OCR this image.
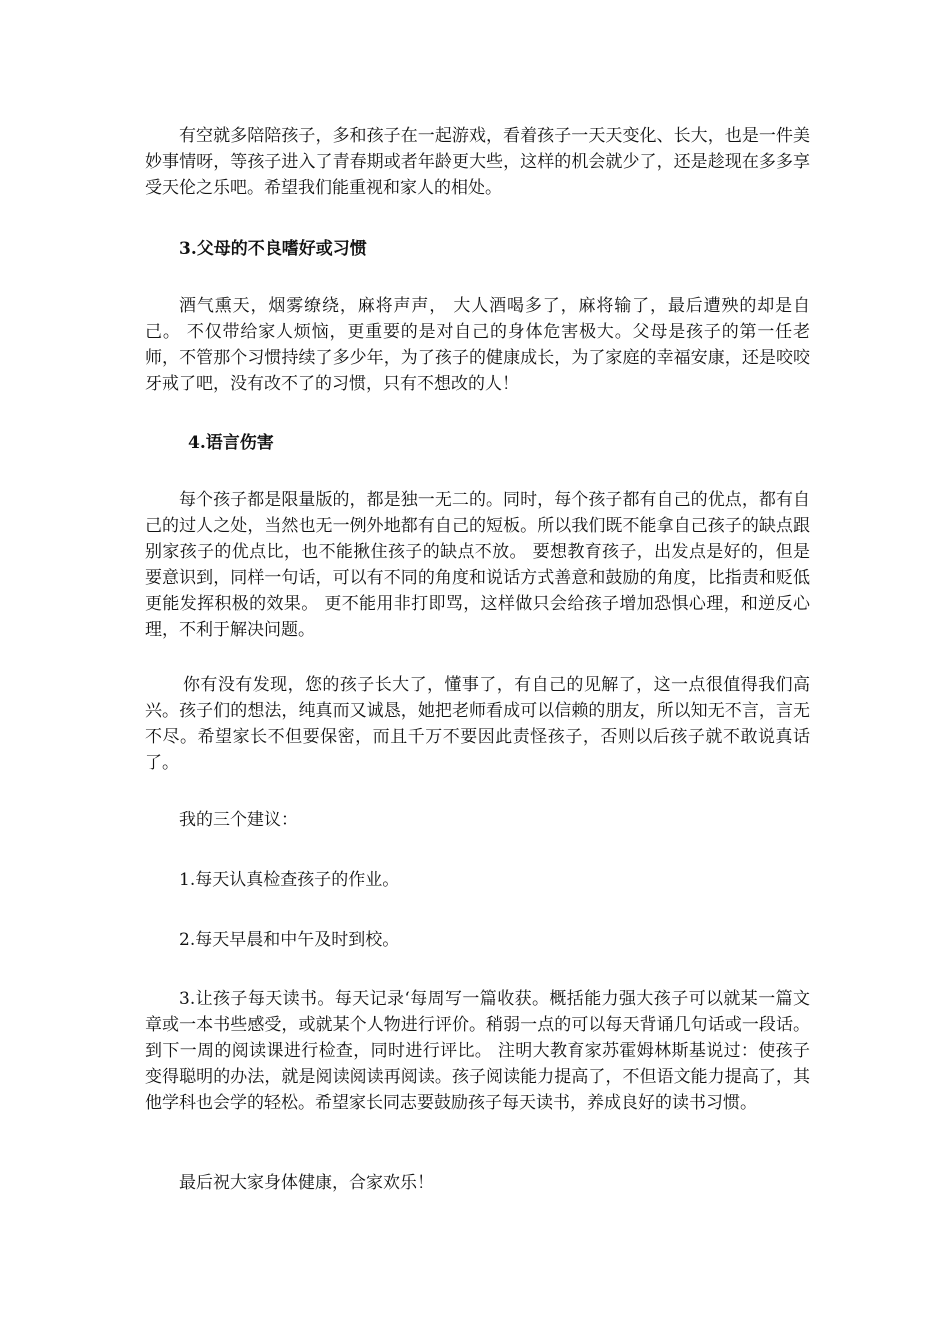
有空就多陪陪孩子，多和孩子在一起游戏，看着孩子一天天变化、长大，也是一件美妙事情呀，等孩子进入了青春期或者年龄更大些，这样的机会就少了，还是趁现在多多享受天伦之乐吧。希望我们能重视和家人的相处。

3.父母的不良嗜好或习惯

酒气熏天，烟雾缭绕，麻将声声， 大人酒喝多了，麻将输了，最后遭殃的却是自己。 不仅带给家人烦恼，更重要的是对自己的身体危害极大。父母是孩子的第一任老师，不管那个习惯持续了多少年，为了孩子的健康成长，为了家庭的幸福安康，还是咬咬牙戒了吧，没有改不了的习惯，只有不想改的人！

4.语言伤害

每个孩子都是限量版的，都是独一无二的。同时，每个孩子都有自己的优点，都有自己的过人之处，当然也无一例外地都有自己的短板。所以我们既不能拿自己孩子的缺点跟别家孩子的优点比，也不能揪住孩子的缺点不放。 要想教育孩子，出发点是好的，但是要意识到，同样一句话，可以有不同的角度和说话方式善意和鼓励的角度，比指责和贬低更能发挥积极的效果。 更不能用非打即骂，这样做只会给孩子增加恐惧心理，和逆反心理，不利于解决问题。

你有没有发现，您的孩子长大了，懂事了，有自己的见解了，这一点很值得我们高兴。孩子们的想法，纯真而又诚恳，她把老师看成可以信赖的朋友，所以知无不言，言无不尽。希望家长不但要保密，而且千万不要因此责怪孩子，否则以后孩子就不敢说真话了。

我的三个建议：

1.每天认真检查孩子的作业。

2.每天早晨和中午及时到校。

3.让孩子每天读书。每天记录‘每周写一篇收获。概括能力强大孩子可以就某一篇文章或一本书些感受，或就某个人物进行评价。稍弱一点的可以每天背诵几句话或一段话。到下一周的阅读课进行检查，同时进行评比。 注明大教育家苏霍姆林斯基说过：使孩子变得聪明的办法，就是阅读阅读再阅读。孩子阅读能力提高了，不但语文能力提高了，其他学科也会学的轻松。希望家长同志要鼓励孩子每天读书，养成良好的读书习惯。

最后祝大家身体健康，合家欢乐！
